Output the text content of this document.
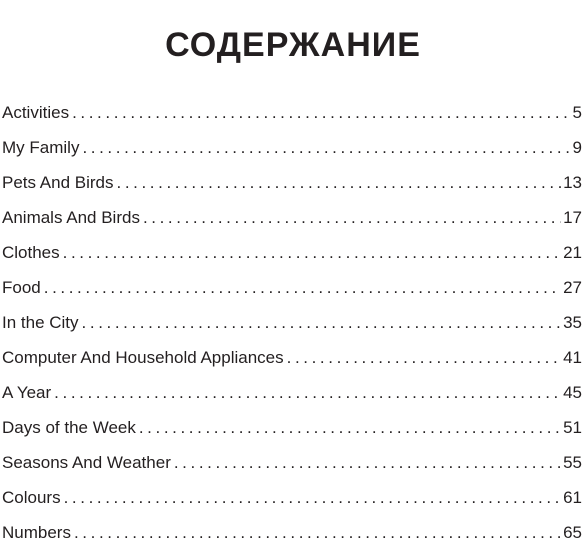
СОДЕРЖАНИЕ
Activities .....	5
My Family .....	9
Pets And Birds .....	13
Animals And Birds .....	17
Clothes .....	21
Food .....	27
In the City .....	35
Computer And Household Appliances .....	41
A Year .....	45
Days of the Week .....	51
Seasons And Weather .....	55
Colours .....	61
Numbers .....	65
